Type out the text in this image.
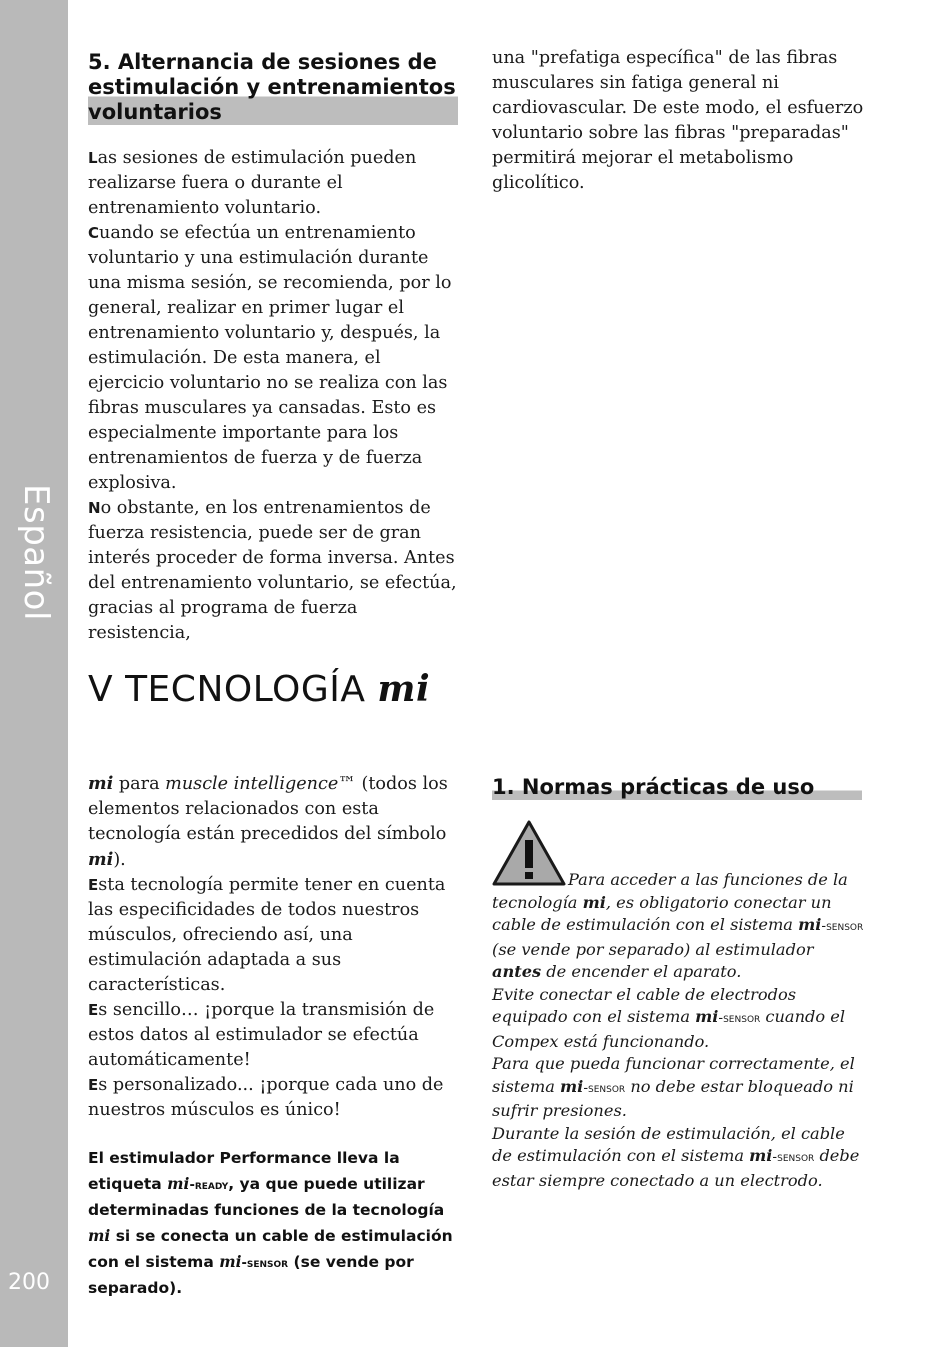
Español
200
5. Alternancia de sesiones de estimulación y entrenamientos voluntarios

Las sesiones de estimulación pueden realizarse fuera o durante el entrenamiento voluntario.

Cuando se efectúa un entrenamiento voluntario y una estimulación durante una misma sesión, se recomienda, por lo general, realizar en primer lugar el entrenamiento voluntario y, después, la estimulación. De esta manera, el ejercicio voluntario no se realiza con las fibras musculares ya cansadas. Esto es especialmente importante para los entrenamientos de fuerza y de fuerza explosiva.

No obstante, en los entrenamientos de fuerza resistencia, puede ser de gran interés proceder de forma inversa. Antes del entrenamiento voluntario, se efectúa, gracias al programa de fuerza resistencia,

una "prefatiga específica" de las fibras musculares sin fatiga general ni cardiovascular. De este modo, el esfuerzo voluntario sobre las fibras "preparadas" permitirá mejorar el metabolismo glicolítico.
V TECNOLOGÍA mi

mi para muscle intelligence™ (todos los elementos relacionados con esta tecnología están precedidos del símbolo mi).

Esta tecnología permite tener en cuenta las especificidades de todos nuestros músculos, ofreciendo así, una estimulación adaptada a sus características.

Es sencillo… ¡porque la transmisión de estos datos al estimulador se efectúa automáticamente!

Es personalizado... ¡porque cada uno de nuestros músculos es único!

El estimulador Performance lleva la etiqueta mi-ready, ya que puede utilizar determinadas funciones de la tecnología mi si se conecta un cable de estimulación con el sistema mi-sensor (se vende por separado).
1. Normas prácticas de uso

Para acceder a las funciones de la tecnología mi, es obligatorio conectar un cable de estimulación con el sistema mi-sensor (se vende por separado) al estimulador antes de encender el aparato.

Evite conectar el cable de electrodos equipado con el sistema mi-sensor cuando el Compex está funcionando.

Para que pueda funcionar correctamente, el sistema mi-sensor no debe estar bloqueado ni sufrir presiones.

Durante la sesión de estimulación, el cable de estimulación con el sistema mi-sensor debe estar siempre conectado a un electrodo.
